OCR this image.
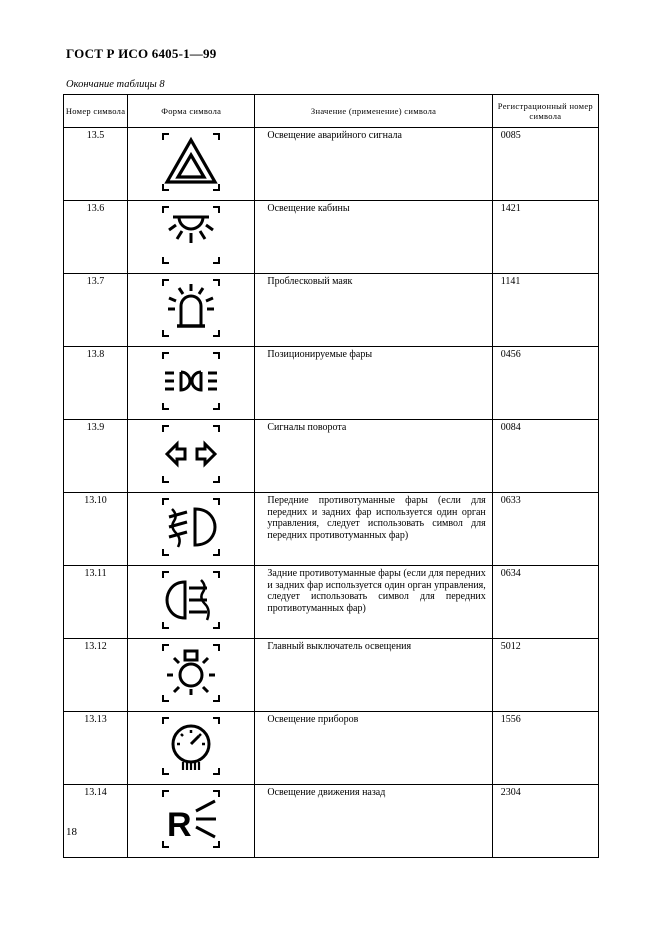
ГОСТ Р ИСО 6405-1—99
Окончание таблицы 8
Номер символа	Форма символа	Значение (применение) символа	Регистрационный номер символа
13.5		Освещение аварийного сигнала	0085
13.6		Освещение кабины	1421
13.7		Проблесковый маяк	1141
13.8		Позиционируемые фары	0456
13.9		Сигналы поворота	0084
13.10		Передние противотуманные фары (если для передних и задних фар используется один орган управления, следует использовать символ для передних противотуманных фар)	0633
13.11		Задние противотуманные фары (если для передних и задних фар используется один орган управления, следует использовать символ для передних противотуманных фар)	0634
13.12		Главный выключатель освещения	5012
13.13		Освещение приборов	1556
13.14	R	Освещение движения назад	2304
18
